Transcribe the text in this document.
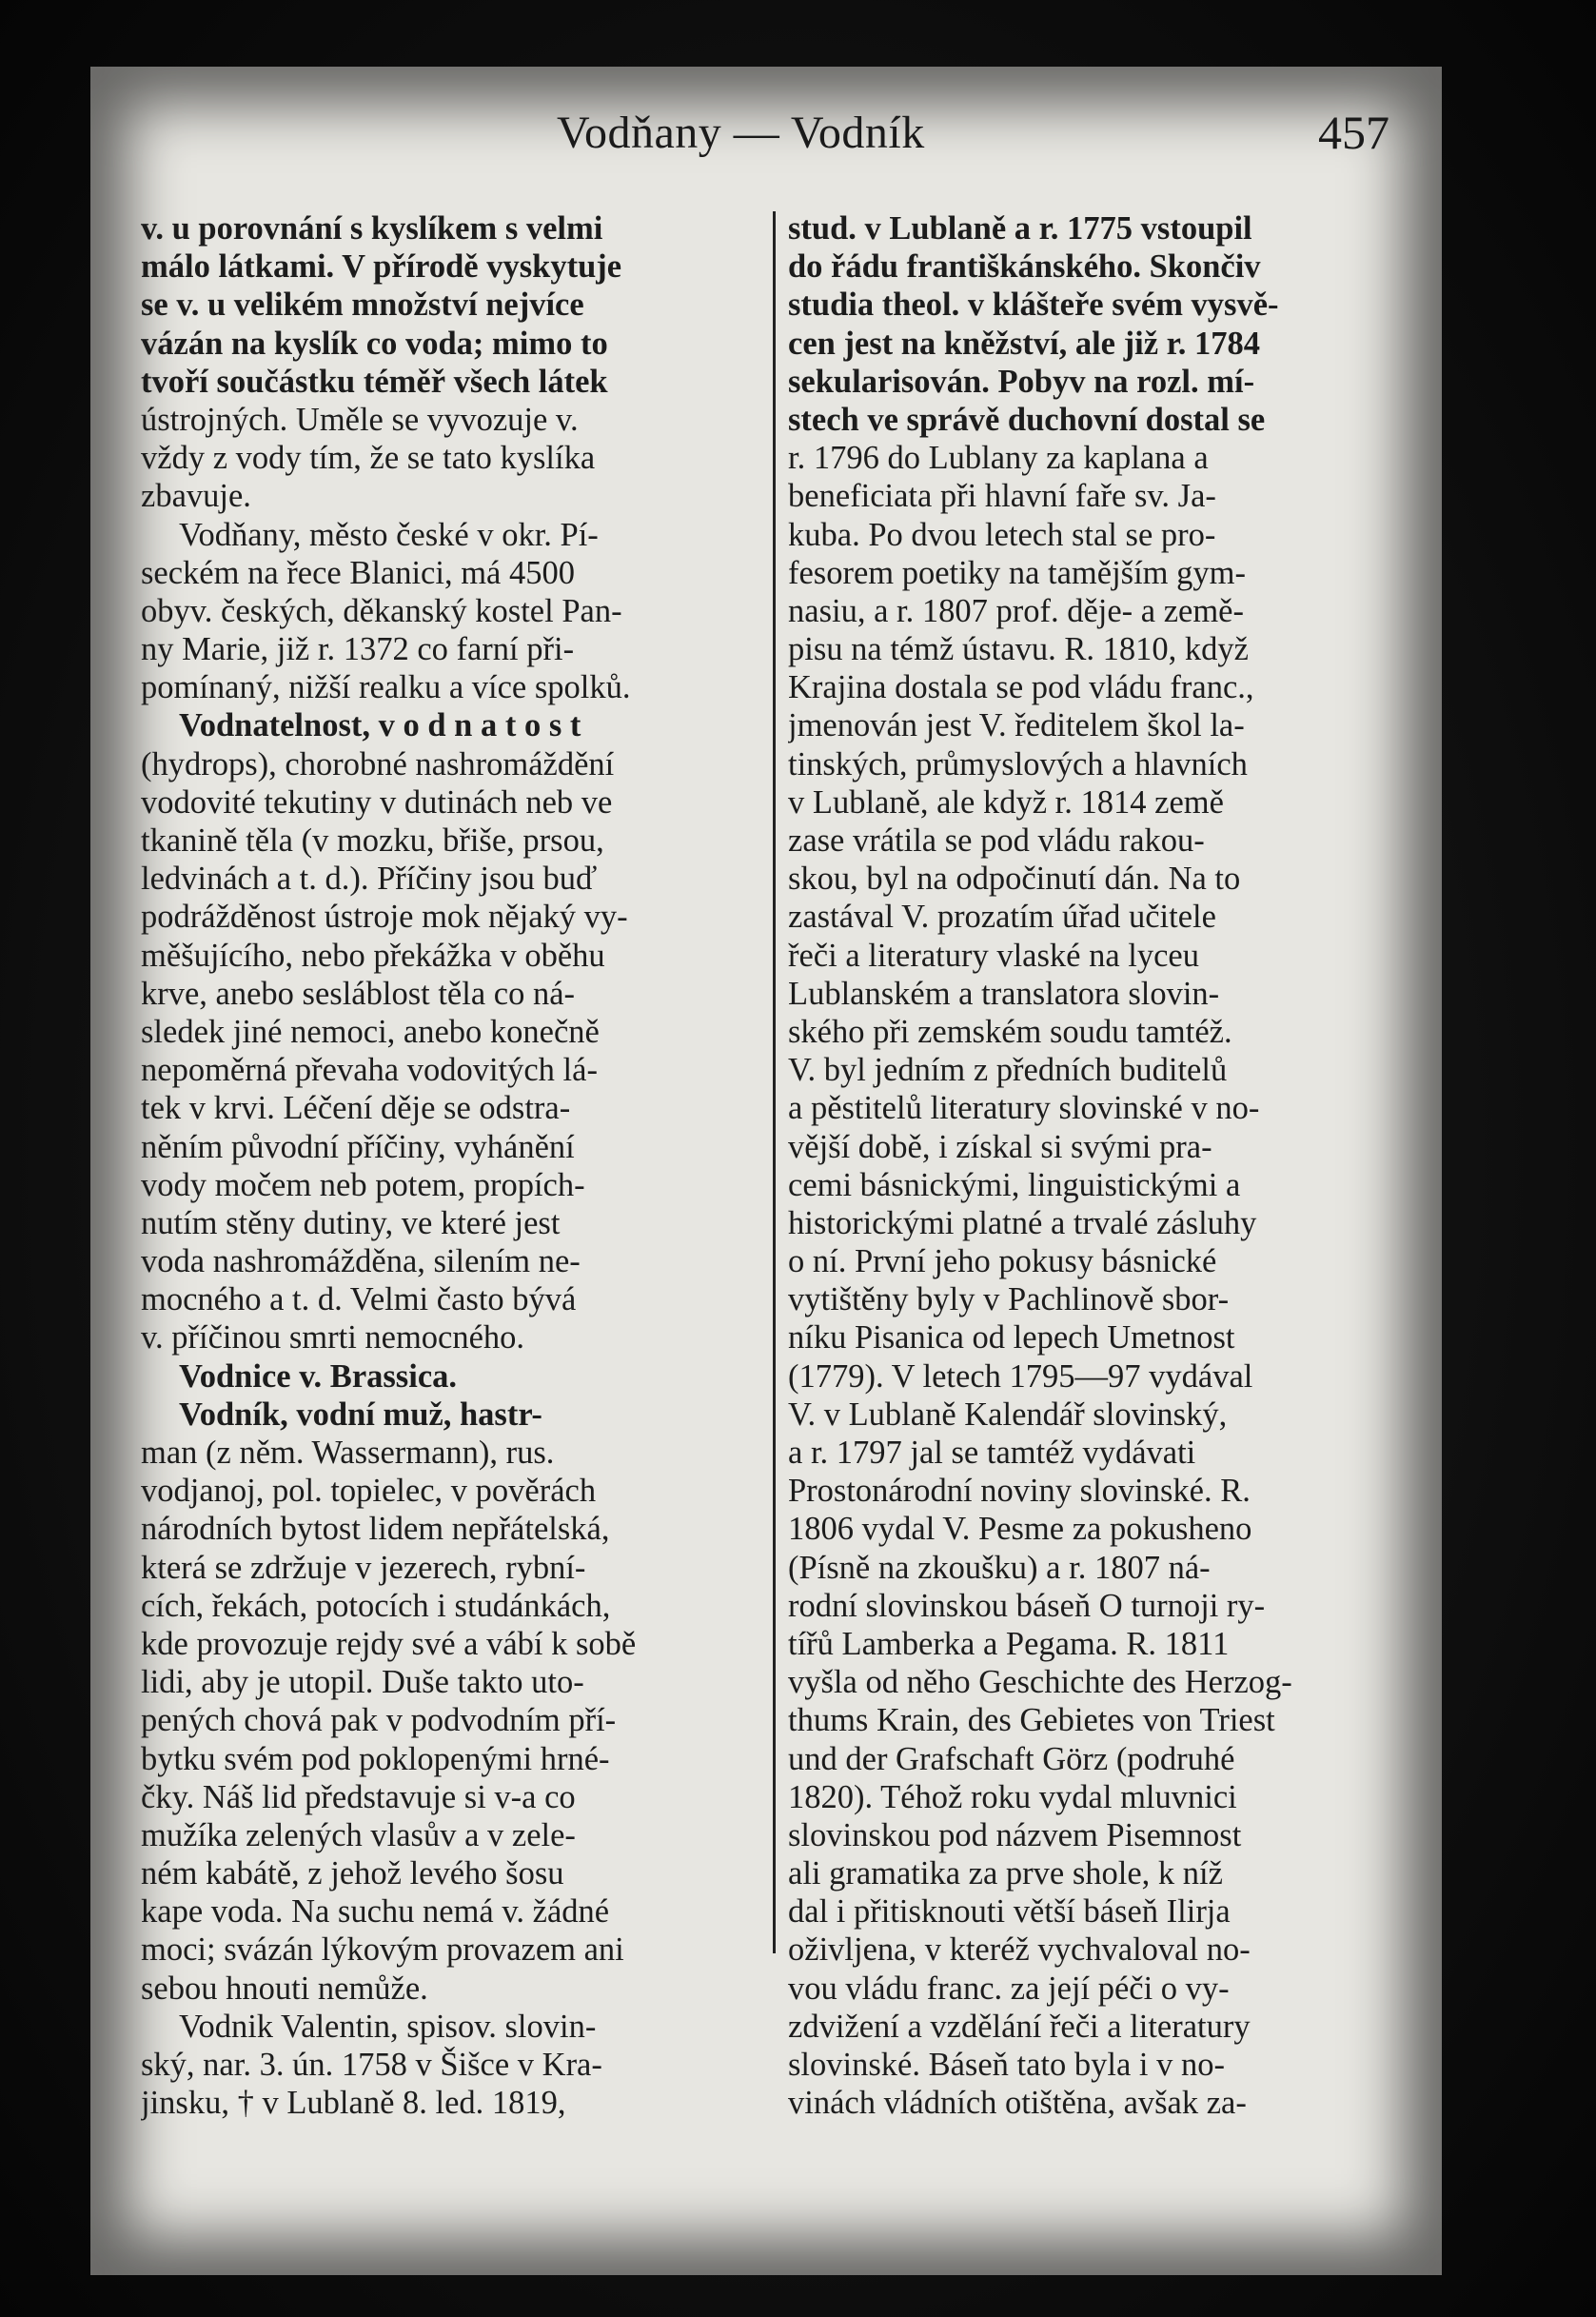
Vodňany — Vodník	457
v. u porovnání s kyslíkem s velmi
málo látkami. V přírodě vyskytuje
se v. u velikém množství nejvíce
vázán na kyslík co voda; mimo to
tvoří součástku téměř všech látek
ústrojných. Uměle se vyvozuje v.
vždy z vody tím, že se tato kyslíka
zbavuje.
Vodňany, město české v okr. Pí-
seckém na řece Blanici, má 4500
obyv. českých, děkanský kostel Pan-
ny Marie, již r. 1372 co farní při-
pomínaný, nižší realku a více spolků.
Vodnatelnost, v o d n a t o s t
(hydrops), chorobné nashromáždění
vodovité tekutiny v dutinách neb ve
tkanině těla (v mozku, břiše, prsou,
ledvinách a t. d.). Příčiny jsou buď
podrážděnost ústroje mok nějaký vy-
měšujícího, nebo překážka v oběhu
krve, anebo sesláblost těla co ná-
sledek jiné nemoci, anebo konečně
nepoměrná převaha vodovitých lá-
tek v krvi. Léčení děje se odstra-
něním původní příčiny, vyhánění
vody močem neb potem, propích-
nutím stěny dutiny, ve které jest
voda nashromážděna, silením ne-
mocného a t. d. Velmi často bývá
v. příčinou smrti nemocného.
Vodnice v. Brassica.
Vodník, vodní muž, hastr-
man (z něm. Wassermann), rus.
vodjanoj, pol. topielec, v pověrách
národních bytost lidem nepřátelská,
která se zdržuje v jezerech, rybní-
cích, řekách, potocích i studánkách,
kde provozuje rejdy své a vábí k sobě
lidi, aby je utopil. Duše takto uto-
pených chová pak v podvodním pří-
bytku svém pod poklopenými hrné-
čky. Náš lid představuje si v-a co
mužíka zelených vlasův a v zele-
ném kabátě, z jehož levého šosu
kape voda. Na suchu nemá v. žádné
moci; svázán lýkovým provazem ani
sebou hnouti nemůže.
Vodnik Valentin, spisov. slovin-
ský, nar. 3. ún. 1758 v Šišce v Kra-
jinsku, † v Lublaně 8. led. 1819,
stud. v Lublaně a r. 1775 vstoupil
do řádu františkánského. Skončiv
studia theol. v klášteře svém vysvě-
cen jest na kněžství, ale již r. 1784
sekularisován. Pobyv na rozl. mí-
stech ve správě duchovní dostal se
r. 1796 do Lublany za kaplana a
beneficiata při hlavní faře sv. Ja-
kuba. Po dvou letech stal se pro-
fesorem poetiky na tamějším gym-
nasiu, a r. 1807 prof. děje- a země-
pisu na témž ústavu. R. 1810, když
Krajina dostala se pod vládu franc.,
jmenován jest V. ředitelem škol la-
tinských, průmyslových a hlavních
v Lublaně, ale když r. 1814 země
zase vrátila se pod vládu rakou-
skou, byl na odpočinutí dán. Na to
zastával V. prozatím úřad učitele
řeči a literatury vlaské na lyceu
Lublanském a translatora slovin-
ského při zemském soudu tamtéž.
V. byl jedním z předních buditelů
a pěstitelů literatury slovinské v no-
vější době, i získal si svými pra-
cemi básnickými, linguistickými a
historickými platné a trvalé zásluhy
o ní. První jeho pokusy básnické
vytištěny byly v Pachlinově sbor-
níku Pisanica od lepech Umetnost
(1779). V letech 1795—97 vydával
V. v Lublaně Kalendář slovinský,
a r. 1797 jal se tamtéž vydávati
Prostonárodní noviny slovinské. R.
1806 vydal V. Pesme za pokusheno
(Písně na zkoušku) a r. 1807 ná-
rodní slovinskou báseň O turnoji ry-
tířů Lamberka a Pegama. R. 1811
vyšla od něho Geschichte des Herzog-
thums Krain, des Gebietes von Triest
und der Grafschaft Görz (podruhé
1820). Téhož roku vydal mluvnici
slovinskou pod názvem Pisemnost
ali gramatika za prve shole, k níž
dal i přitisknouti větší báseň Ilirja
oživljena, v kteréž vychvaloval no-
vou vládu franc. za její péči o vy-
zdvižení a vzdělání řeči a literatury
slovinské. Báseň tato byla i v no-
vinách vládních otištěna, avšak za-
